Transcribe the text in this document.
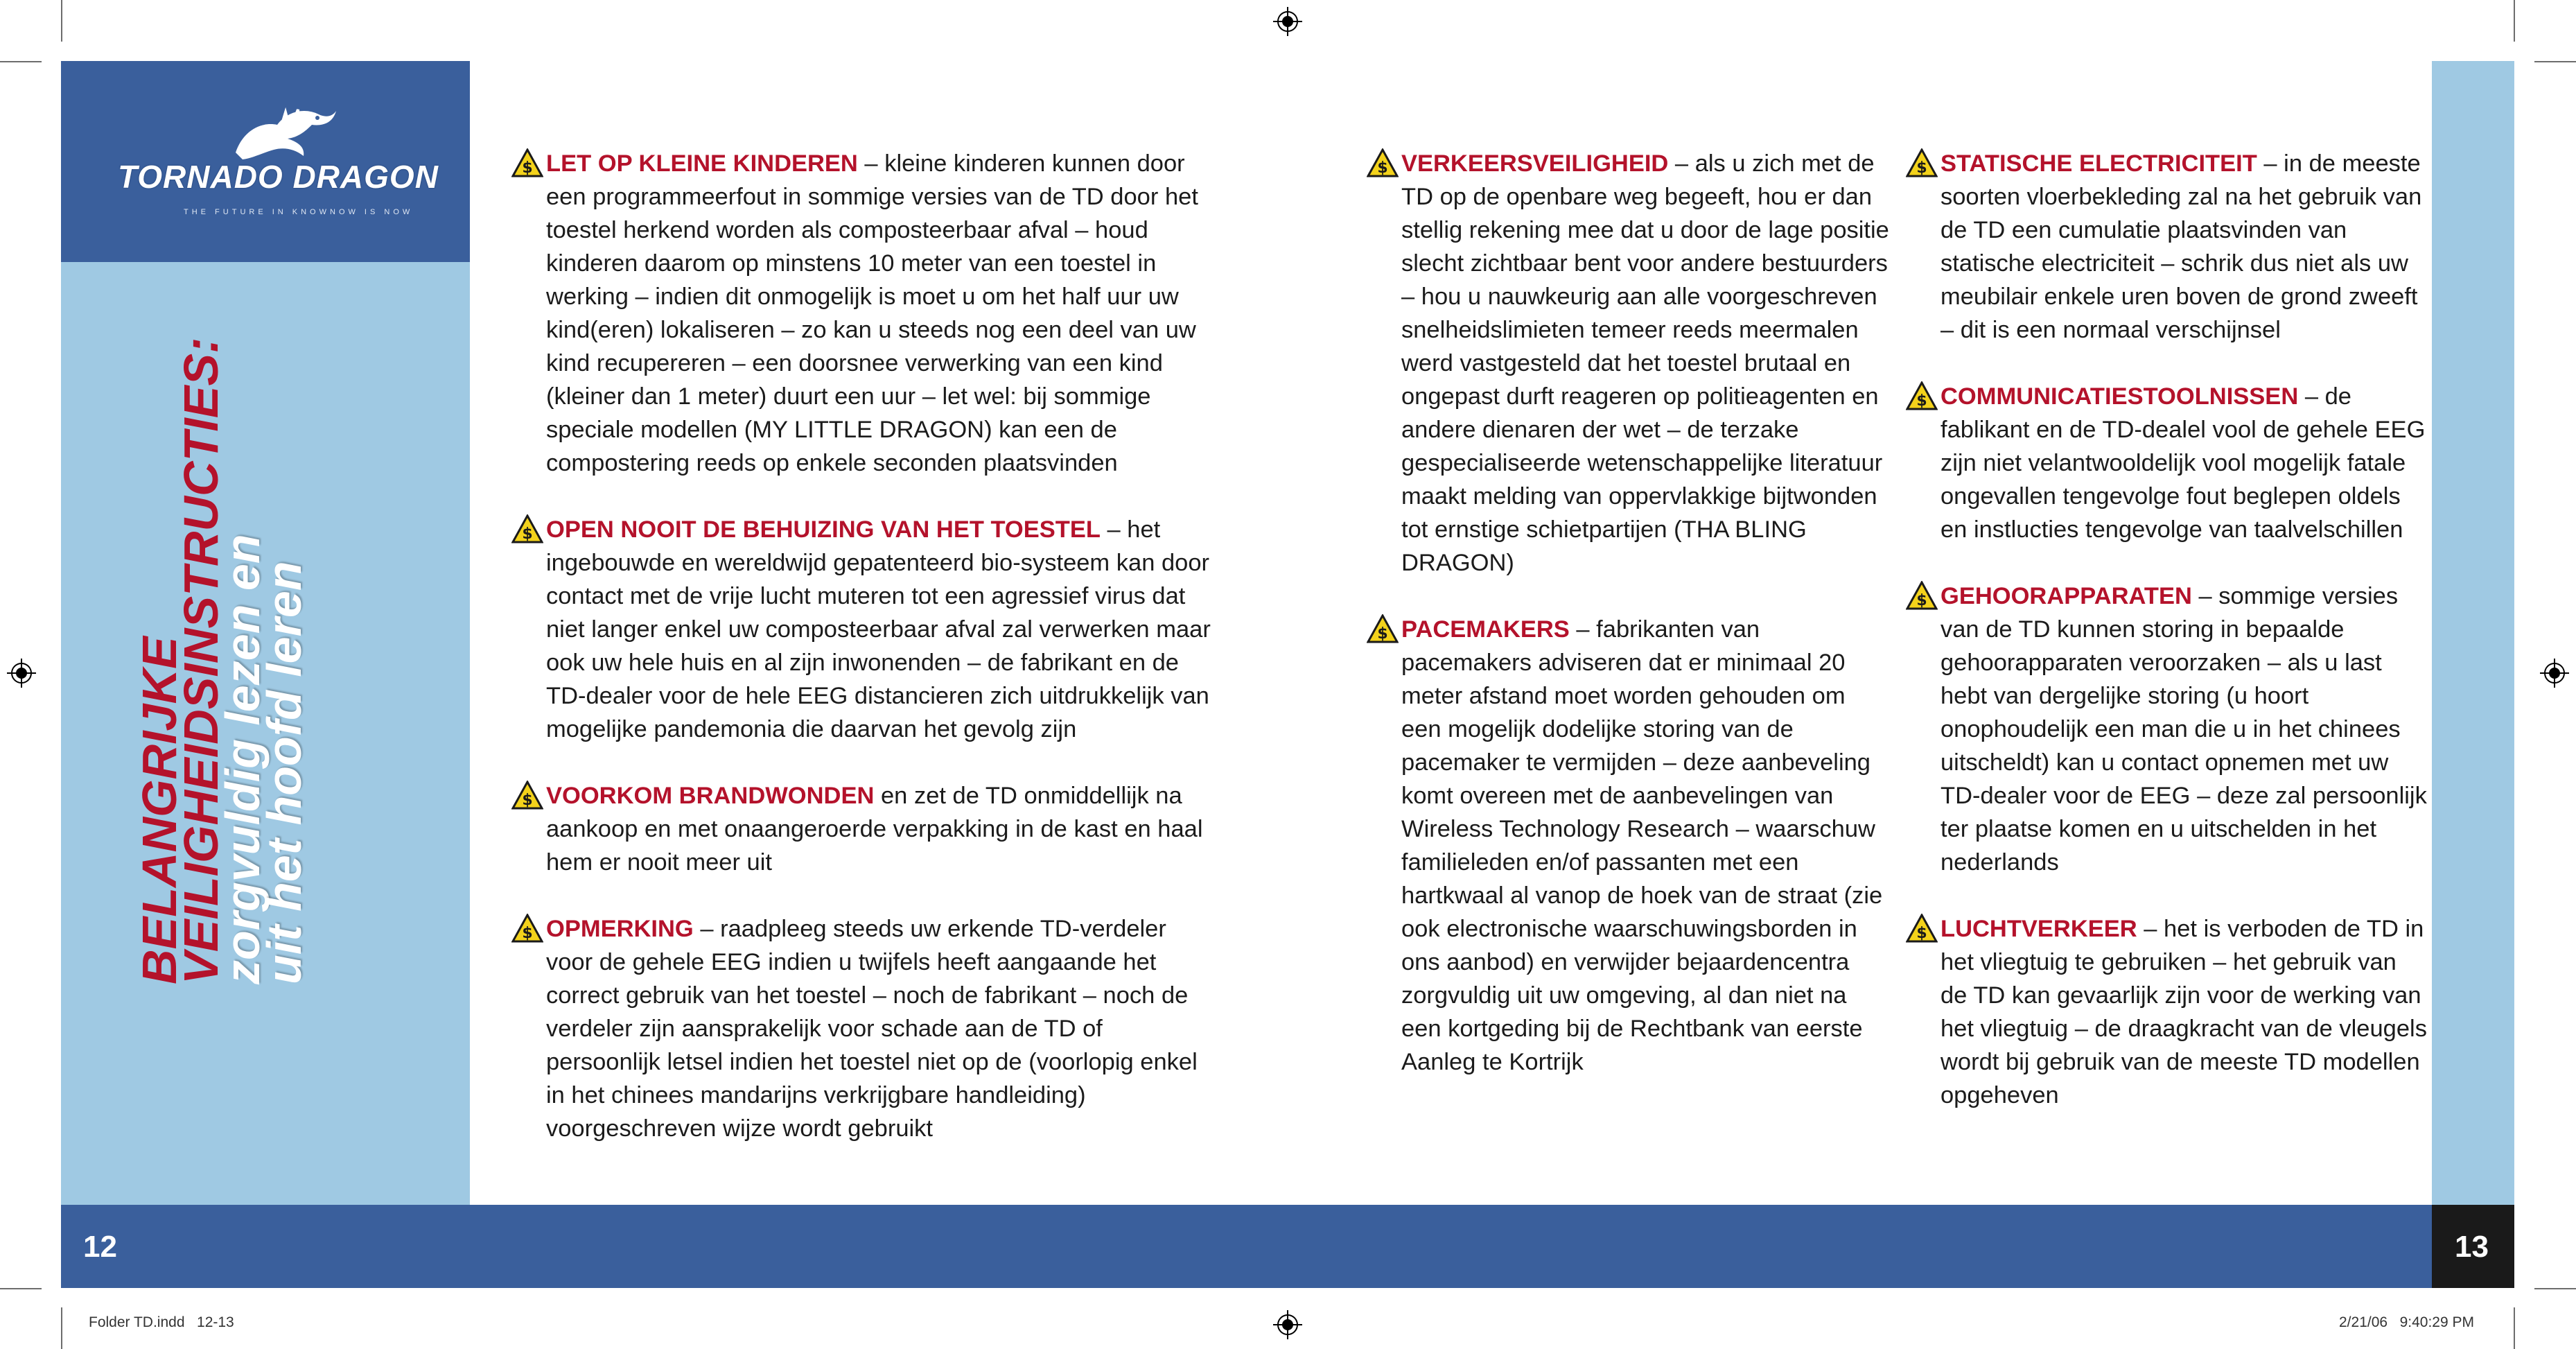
TORNADO DRAGON
THE FUTURE IN KNOWNOW IS NOW
BELANGRIJKE
VEILIGHEIDSINSTRUCTIES:
zorgvuldig lezen en
uit het hoofd leren
$ LET OP KLEINE KINDEREN – kleine kinderen kunnen door een programmeerfout in sommige versies van de TD door het toestel herkend worden als composteerbaar afval – houd kinderen daarom op minstens 10 meter van een toestel in werking – indien dit onmogelijk is moet u om het half uur uw kind(eren) lokaliseren – zo kan u steeds nog een deel van uw kind recupereren – een doorsnee verwerking van een kind (kleiner dan 1 meter) duurt een uur – let wel: bij sommige speciale modellen (MY LITTLE DRAGON) kan een de compostering reeds op enkele seconden plaatsvinden
$ OPEN NOOIT DE BEHUIZING VAN HET TOESTEL – het ingebouwde en wereldwijd gepatenteerd bio-systeem kan door contact met de vrije lucht muteren tot een agressief virus dat niet langer enkel uw composteerbaar afval zal verwerken maar ook uw hele huis en al zijn inwonenden – de fabrikant en de TD-dealer voor de hele EEG distancieren zich uitdrukkelijk van mogelijke pandemonia die daarvan het gevolg zijn
$ VOORKOM BRANDWONDEN en zet de TD onmiddellijk na aankoop en met onaangeroerde verpakking in de kast en haal hem er nooit meer uit
$ OPMERKING – raadpleeg steeds uw erkende TD-verdeler voor de gehele EEG indien u twijfels heeft aangaande het correct gebruik van het toestel – noch de fabrikant – noch de verdeler zijn aansprakelijk voor schade aan de TD of persoonlijk letsel indien het toestel niet op de (voorlopig enkel in het chinees mandarijns verkrijgbare handleiding) voorgeschreven wijze wordt gebruikt
$ VERKEERSVEILIGHEID – als u zich met de TD op de openbare weg begeeft, hou er dan stellig rekening mee dat u door de lage positie slecht zichtbaar bent voor andere bestuurders – hou u nauwkeurig aan alle voorgeschreven snelheidslimieten temeer reeds meermalen werd vastgesteld dat het toestel brutaal en ongepast durft reageren op politieagenten en andere dienaren der wet – de terzake gespecialiseerde wetenschappelijke literatuur maakt melding van oppervlakkige bijtwonden tot ernstige schietpartijen (THA BLING DRAGON)
$ PACEMAKERS – fabrikanten van pacemakers adviseren dat er minimaal 20 meter afstand moet worden gehouden om een mogelijk dodelijke storing van de pacemaker te vermijden – deze aanbeveling komt overeen met de aanbevelingen van Wireless Technology Research – waarschuw familieleden en/of passanten met een hartkwaal al vanop de hoek van de straat (zie ook electronische waarschuwingsborden in ons aanbod) en verwijder bejaardencentra zorgvuldig uit uw omgeving, al dan niet na een kortgeding bij de Rechtbank van eerste Aanleg te Kortrijk
$ STATISCHE ELECTRICITEIT – in de meeste soorten vloerbekleding zal na het gebruik van de TD een cumulatie plaatsvinden van statische electriciteit – schrik dus niet als uw meubilair enkele uren boven de grond zweeft – dit is een normaal verschijnsel
$ COMMUNICATIESTOOLNISSEN – de fablikant en de TD-dealel vool de gehele EEG zijn niet velantwooldelijk vool mogelijk fatale ongevallen tengevolge fout beglepen oldels en instlucties tengevolge van taalvelschillen
$ GEHOORAPPARATEN – sommige versies van de TD kunnen storing in bepaalde gehoorapparaten veroorzaken – als u last hebt van dergelijke storing (u hoort onophoudelijk een man die u in het chinees uitscheldt) kan u contact opnemen met uw TD-dealer voor de EEG – deze zal persoonlijk ter plaatse komen en u uitschelden in het nederlands
$ LUCHTVERKEER – het is verboden de TD in het vliegtuig te gebruiken – het gebruik van de TD kan gevaarlijk zijn voor de werking van het vliegtuig – de draagkracht van de vleugels wordt bij gebruik van de meeste TD modellen opgeheven
12	13
Folder TD.indd   12-13	2/21/06   9:40:29 PM
